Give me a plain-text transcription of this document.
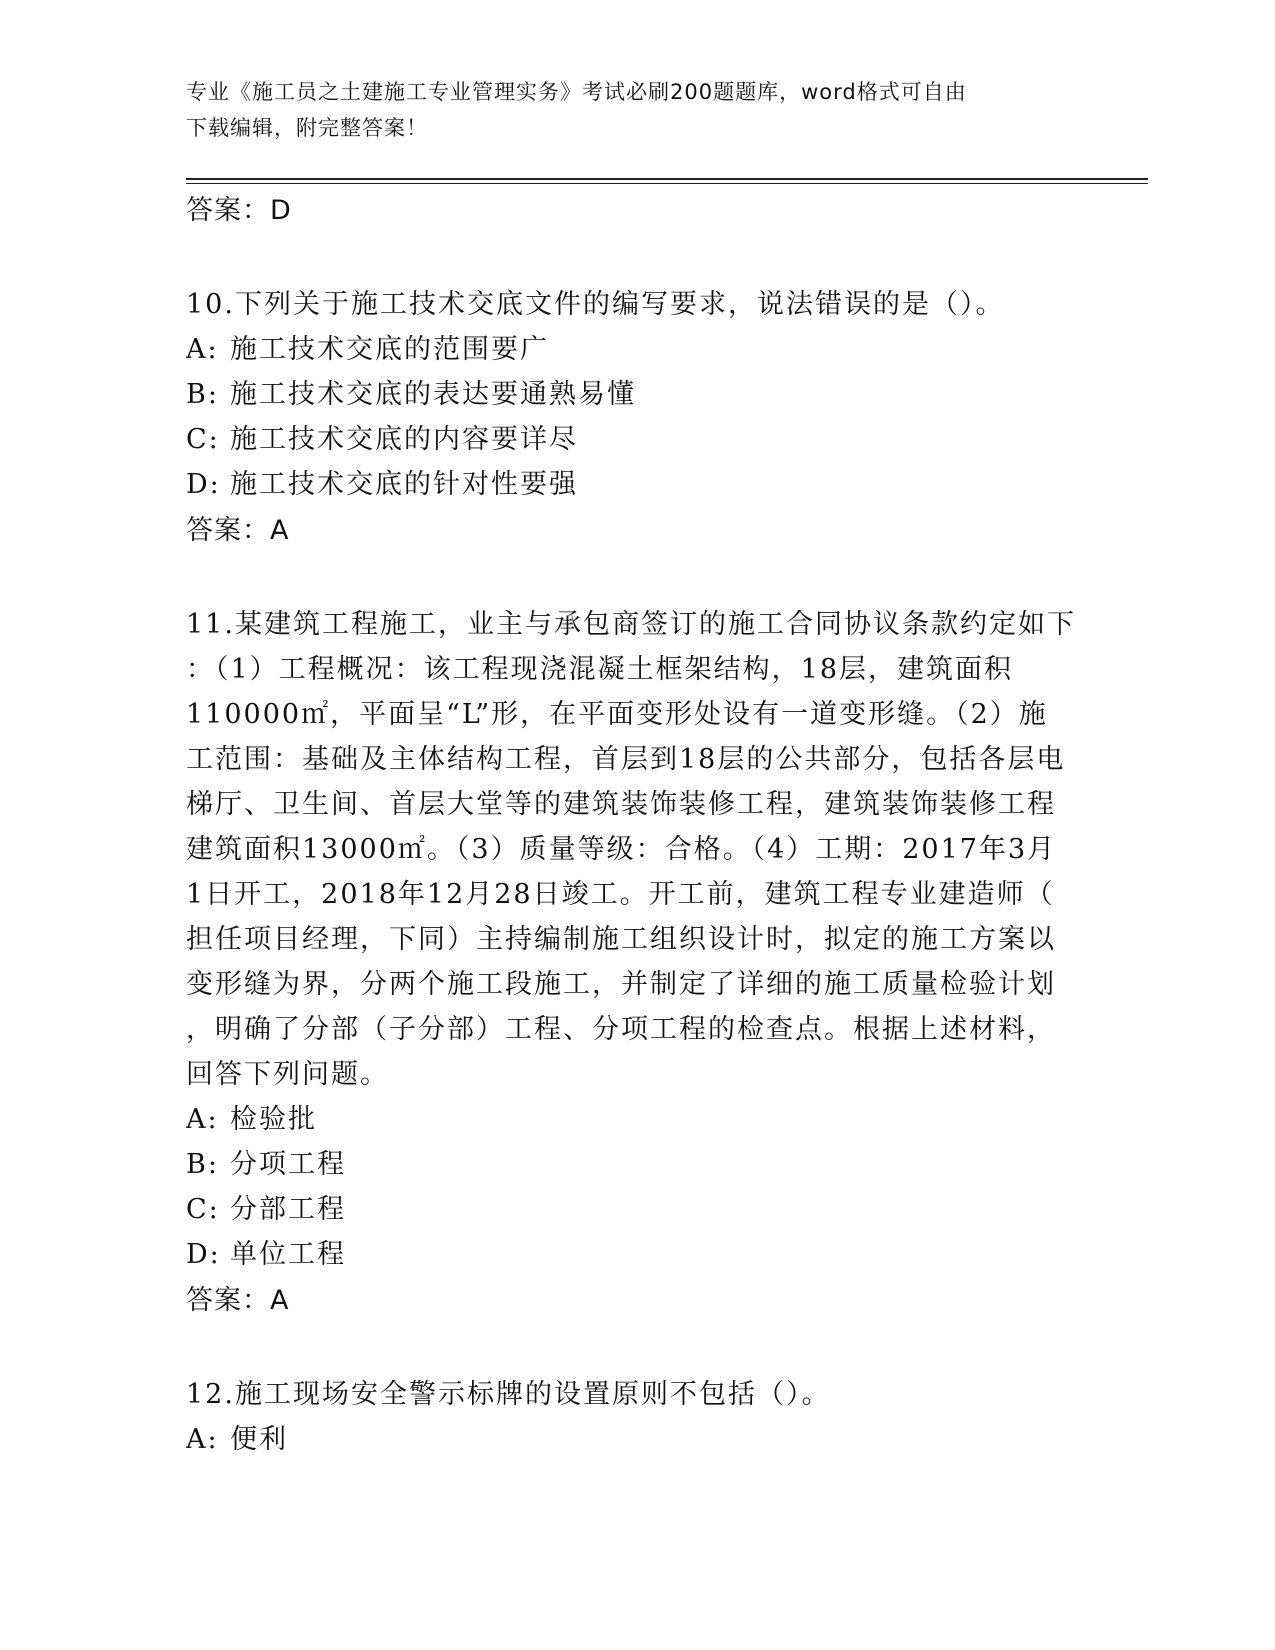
专业《施工员之土建施工专业管理实务》考试必刷200题题库，word格式可自由
下载编辑，附完整答案！
答案：D
10.下列关于施工技术交底文件的编写要求，说法错误的是（）。
A: 施工技术交底的范围要广
B: 施工技术交底的表达要通熟易懂
C: 施工技术交底的内容要详尽
D: 施工技术交底的针对性要强
答案：A
11.某建筑工程施工，业主与承包商签订的施工合同协议条款约定如下
：（1）工程概况：该工程现浇混凝土框架结构，18层，建筑面积
110000㎡，平面呈“L”形，在平面变形处设有一道变形缝。（2）施
工范围：基础及主体结构工程，首层到18层的公共部分，包括各层电
梯厅、卫生间、首层大堂等的建筑装饰装修工程，建筑装饰装修工程
建筑面积13000㎡。（3）质量等级：合格。（4）工期：2017年3月
1日开工，2018年12月28日竣工。开工前，建筑工程专业建造师（
担任项目经理，下同）主持编制施工组织设计时，拟定的施工方案以
变形缝为界，分两个施工段施工，并制定了详细的施工质量检验计划
，明确了分部（子分部）工程、分项工程的检查点。根据上述材料，
回答下列问题。
A: 检验批
B: 分项工程
C: 分部工程
D: 单位工程
答案：A
12.施工现场安全警示标牌的设置原则不包括（）。
A: 便利
